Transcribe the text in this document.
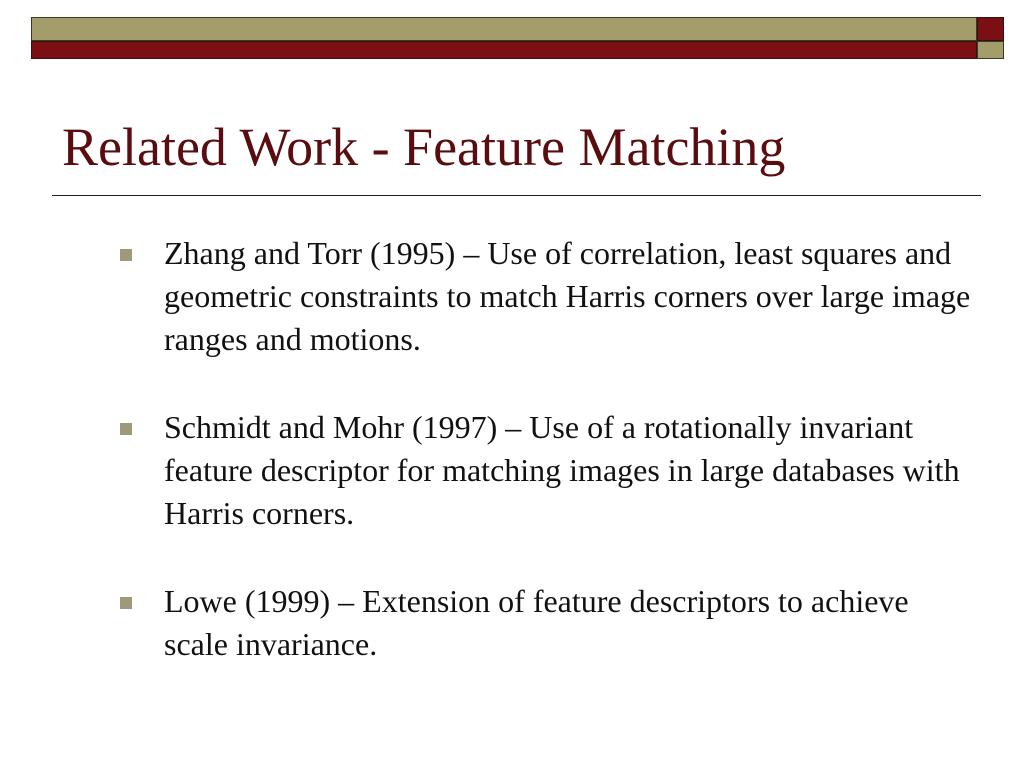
Related Work - Feature Matching
Zhang and Torr (1995) – Use of correlation, least squares and geometric constraints to match Harris corners over large image ranges and motions.
Schmidt and Mohr (1997) – Use of a rotationally invariant feature descriptor for matching images in large databases with Harris corners.
Lowe (1999) – Extension of feature descriptors to achieve scale invariance.
